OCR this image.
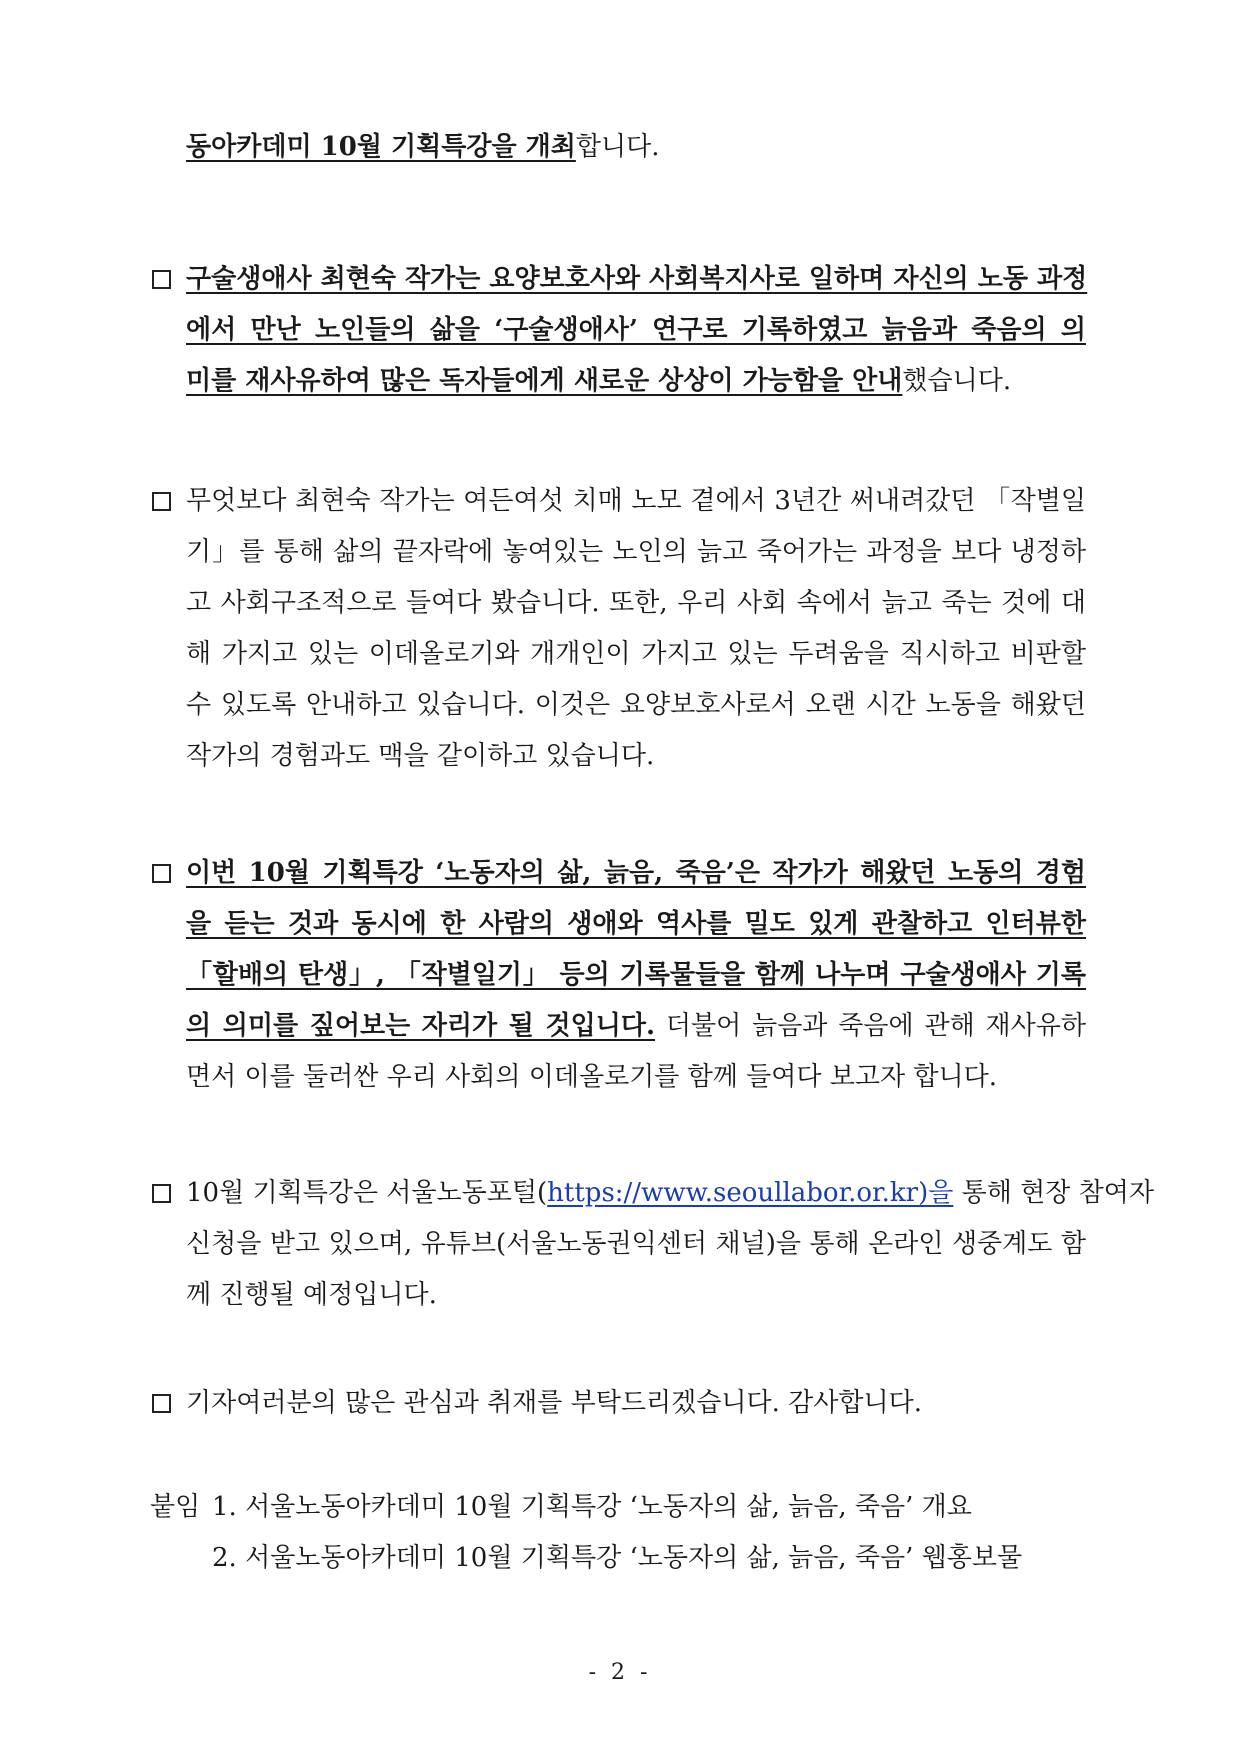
동아카데미 10월 기획특강을 개최합니다.
구술생애사 최현숙 작가는 요양보호사와 사회복지사로 일하며 자신의 노동 과정
에서 만난 노인들의 삶을 ‘구술생애사’ 연구로 기록하였고 늙음과 죽음의 의
미를 재사유하여 많은 독자들에게 새로운 상상이 가능함을 안내했습니다.
무엇보다 최현숙 작가는 여든여섯 치매 노모 곁에서 3년간 써내려갔던 「작별일
기」를 통해 삶의 끝자락에 놓여있는 노인의 늙고 죽어가는 과정을 보다 냉정하
고 사회구조적으로 들여다 봤습니다. 또한, 우리 사회 속에서 늙고 죽는 것에 대
해 가지고 있는 이데올로기와 개개인이 가지고 있는 두려움을 직시하고 비판할
수 있도록 안내하고 있습니다. 이것은 요양보호사로서 오랜 시간 노동을 해왔던
작가의 경험과도 맥을 같이하고 있습니다.
이번 10월 기획특강 ‘노동자의 삶, 늙음, 죽음’은 작가가 해왔던 노동의 경험
을 듣는 것과 동시에 한 사람의 생애와 역사를 밀도 있게 관찰하고 인터뷰한
「할배의 탄생」, 「작별일기」 등의 기록물들을 함께 나누며 구술생애사 기록
의 의미를 짚어보는 자리가 될 것입니다. 더불어 늙음과 죽음에 관해 재사유하
면서 이를 둘러싼 우리 사회의 이데올로기를 함께 들여다 보고자 합니다.
10월 기획특강은 서울노동포털(https://www.seoullabor.or.kr)을 통해 현장 참여자
신청을 받고 있으며, 유튜브(서울노동권익센터 채널)을 통해 온라인 생중계도 함
께 진행될 예정입니다.
기자여러분의 많은 관심과 취재를 부탁드리겠습니다. 감사합니다.
붙임 1. 서울노동아카데미 10월 기획특강 ‘노동자의 삶, 늙음, 죽음’ 개요
2. 서울노동아카데미 10월 기획특강 ‘노동자의 삶, 늙음, 죽음’ 웹홍보물
- 2 -
